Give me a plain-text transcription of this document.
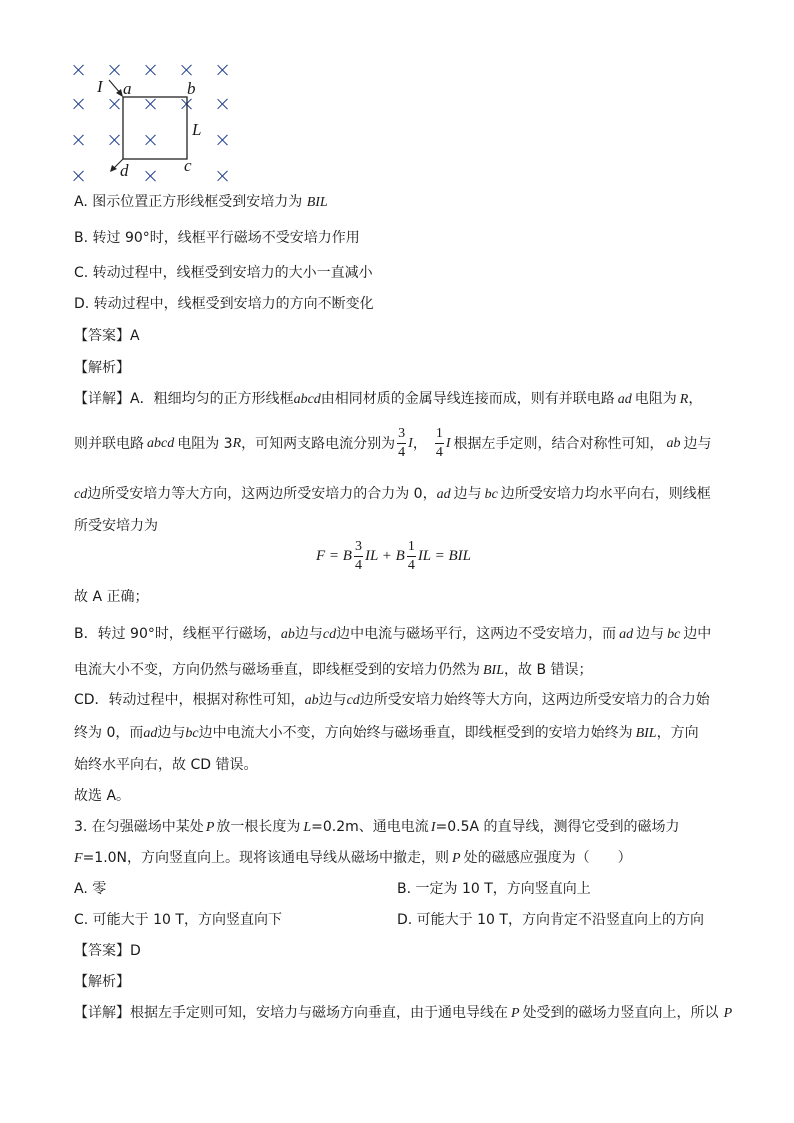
I a	b
L
c
d
A. 图示位置正方形线框受到安培力为 BIL
B. 转过 90°时，线框平行磁场不受安培力作用
C. 转动过程中，线框受到安培力的大小一直减小
D. 转动过程中，线框受到安培力的方向不断变化
【答案】A
【解析】
【详解】A．粗细均匀的正方形线框abcd由相同材质的金属导线连接而成，则有并联电路 ad 电阻为 R，
则并联电路 abcd 电阻为 3 R ，可知两支路电流分别为 $\frac{3}{4}$ I ， $\frac{1}{4}$ I 根据左手定则，结合对称性可知， ab 边与
cd边所受安培力等大方向，这两边所受安培力的合力为 0，ad 边与 bc 边所受安培力均水平向右，则线框
所受安培力为
F = B $\frac{3}{4}$ IL + B $\frac{1}{4}$ IL = BIL
故 A 正确；
B．转过 90°时，线框平行磁场，ab边与cd边中电流与磁场平行，这两边不受安培力，而 ad 边与 bc 边中
电流大小不变，方向仍然与磁场垂直，即线框受到的安培力仍然为 BIL，故 B 错误；
CD．转动过程中，根据对称性可知，ab边与cd边所受安培力始终等大方向，这两边所受安培力的合力始
终为 0，而ad边与bc边中电流大小不变，方向始终与磁场垂直，即线框受到的安培力始终为 BIL，方向
始终水平向右，故 CD 错误。
故选 A。
3. 在匀强磁场中某处 P 放一根长度为 L=0.2m、通电电流 I=0.5A 的直导线，测得它受到的磁场力
F=1.0N，方向竖直向上。现将该通电导线从磁场中撤走，则 P 处的磁感应强度为（　　）
A. 零	B. 一定为 10 T，方向竖直向上
C. 可能大于 10 T，方向竖直向下	D. 可能大于 10 T，方向肯定不沿竖直向上的方向
【答案】D
【解析】
【详解】根据左手定则可知，安培力与磁场方向垂直，由于通电导线在 P 处受到的磁场力竖直向上，所以 P
